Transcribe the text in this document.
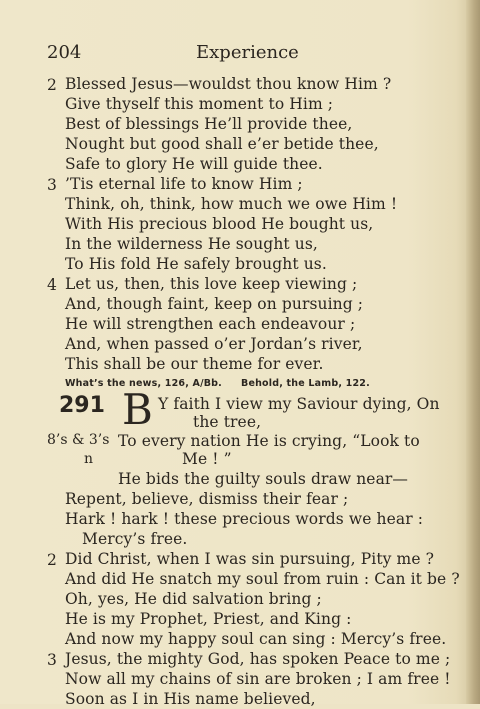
204	Experience
2 Blessed Jesus—wouldst thou know Him ?
Give thyself this moment to Him ;
Best of blessings He’ll provide thee,
Nought but good shall e’er betide thee,
Safe to glory He will guide thee.
3 ’Tis eternal life to know Him ;
Think, oh, think, how much we owe Him !
With His precious blood He bought us,
In the wilderness He sought us,
To His fold He safely brought us.
4 Let us, then, this love keep viewing ;
And, though faint, keep on pursuing ;
He will strengthen each endeavour ;
And, when passed o’er Jordan’s river,
This shall be our theme for ever.
What’s the news, 126, A/Bb. Behold, the Lamb, 122.
291 B Y faith I view my Saviour dying, On
the tree,
8’s & 3’s To every nation He is crying, “Look to
n	Me ! ”
He bids the guilty souls draw near—
Repent, believe, dismiss their fear ;
Hark ! hark ! these precious words we hear :
Mercy’s free.
2 Did Christ, when I was sin pursuing, Pity me ?
And did He snatch my soul from ruin : Can it be ?
Oh, yes, He did salvation bring ;
He is my Prophet, Priest, and King :
And now my happy soul can sing : Mercy’s free.
3 Jesus, the mighty God, has spoken Peace to me ;
Now all my chains of sin are broken ; I am free !
Soon as I in His name believed,
